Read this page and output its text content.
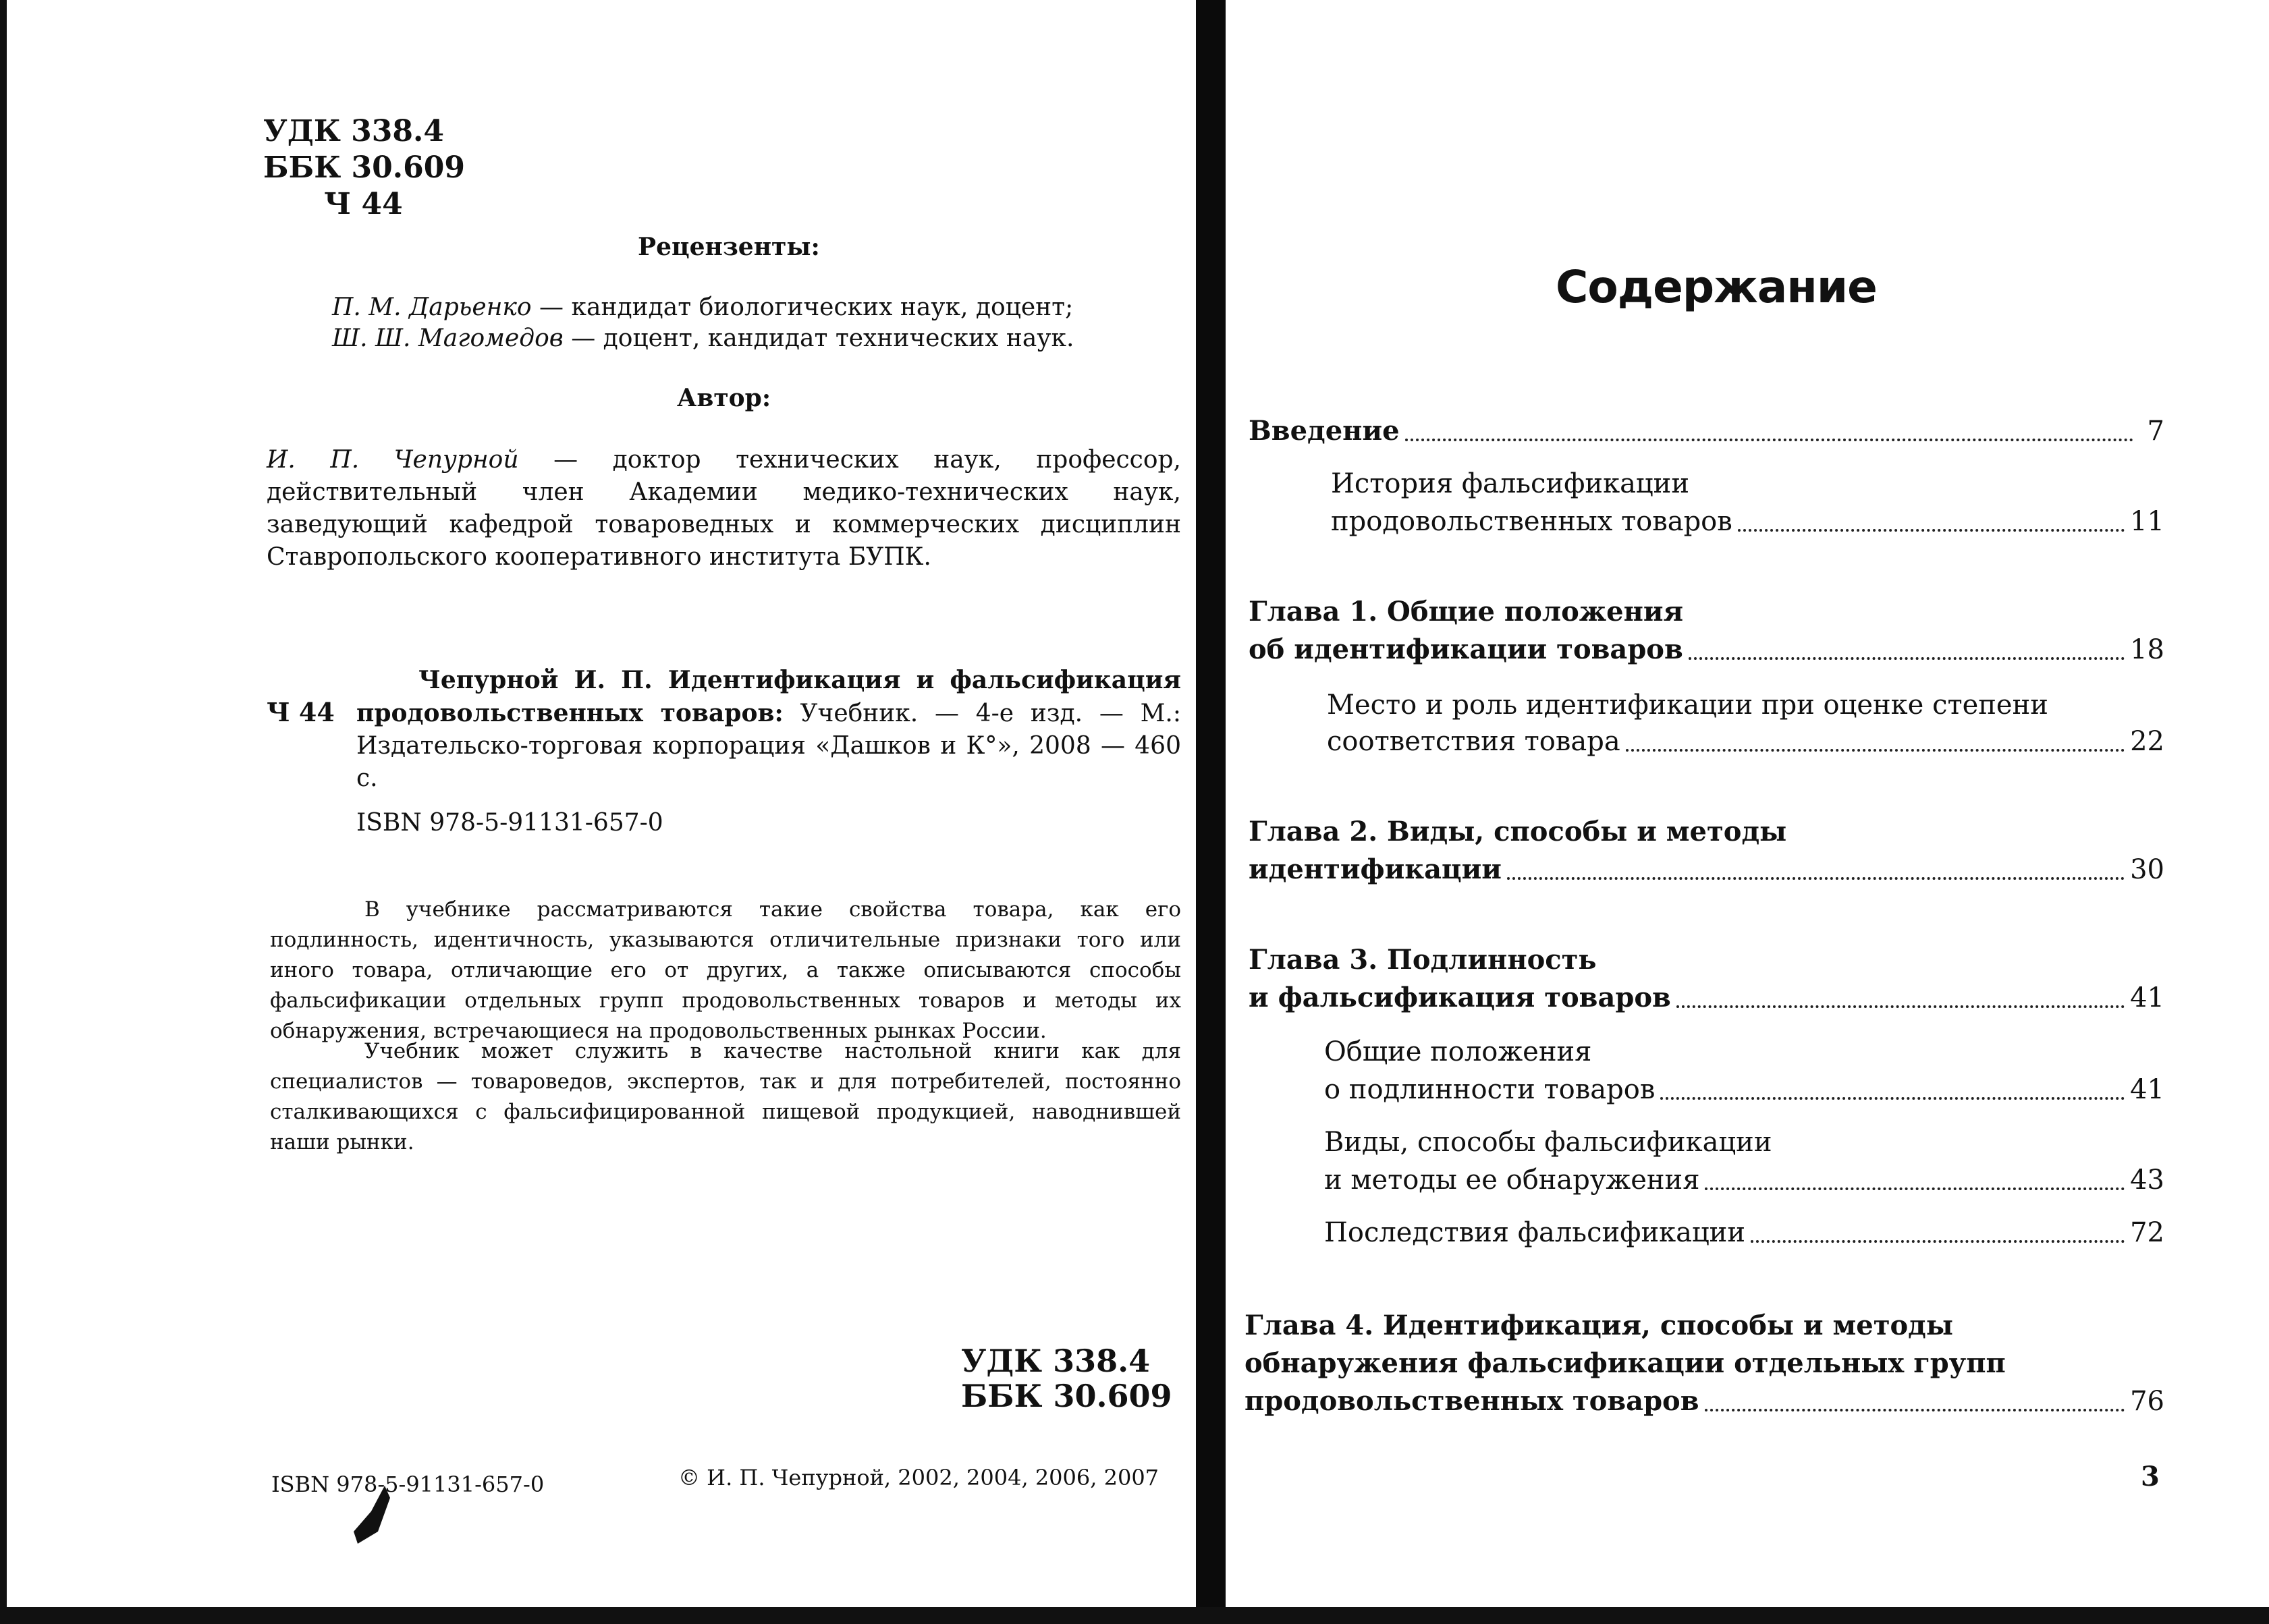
УДК 338.4
ББК 30.609
Ч 44
Рецензенты:
П. М. Дарьенко — кандидат биологических наук, доцент;
Ш. Ш. Магомедов — доцент, кандидат технических наук.
Автор:
И. П. Чепурной — доктор технических наук, профессор, действительный член Академии медико-технических наук, заведующий кафедрой товароведных и коммерческих дисциплин Ставропольского кооперативного института БУПК.
Ч 44
Чепурной И. П. Идентификация и фальсификация продовольственных товаров: Учебник. — 4-е изд. — М.: Издательско-торговая корпорация «Дашков и К°», 2008 — 460 с.
ISBN 978-5-91131-657-0
В учебнике рассматриваются такие свойства товара, как его подлинность, идентичность, указываются отличительные признаки того или иного товара, отличающие его от других, а также описываются способы фальсификации отдельных групп продовольственных товаров и методы их обнаружения, встречающиеся на продовольственных рынках России.
Учебник может служить в качестве настольной книги как для специалистов — товароведов, экспертов, так и для потребителей, постоянно сталкивающихся с фальсифицированной пищевой продукцией, наводнившей наши рынки.
УДК 338.4
ББК 30.609
ISBN 978-5-91131-657-0	© И. П. Чепурной, 2002, 2004, 2006, 2007
Содержание
Введение	7
История фальсификации
продовольственных товаров	11
Глава 1. Общие положения
об идентификации товаров	18
Место и роль идентификации при оценке степени
соответствия товара	22
Глава 2. Виды, способы и методы
идентификации	30
Глава 3. Подлинность
и фальсификация товаров	41
Общие положения
о подлинности товаров	41
Виды, способы фальсификации
и методы ее обнаружения	43
Последствия фальсификации	72
Глава 4. Идентификация, способы и методы
обнаружения фальсификации отдельных групп
продовольственных товаров	76
3
